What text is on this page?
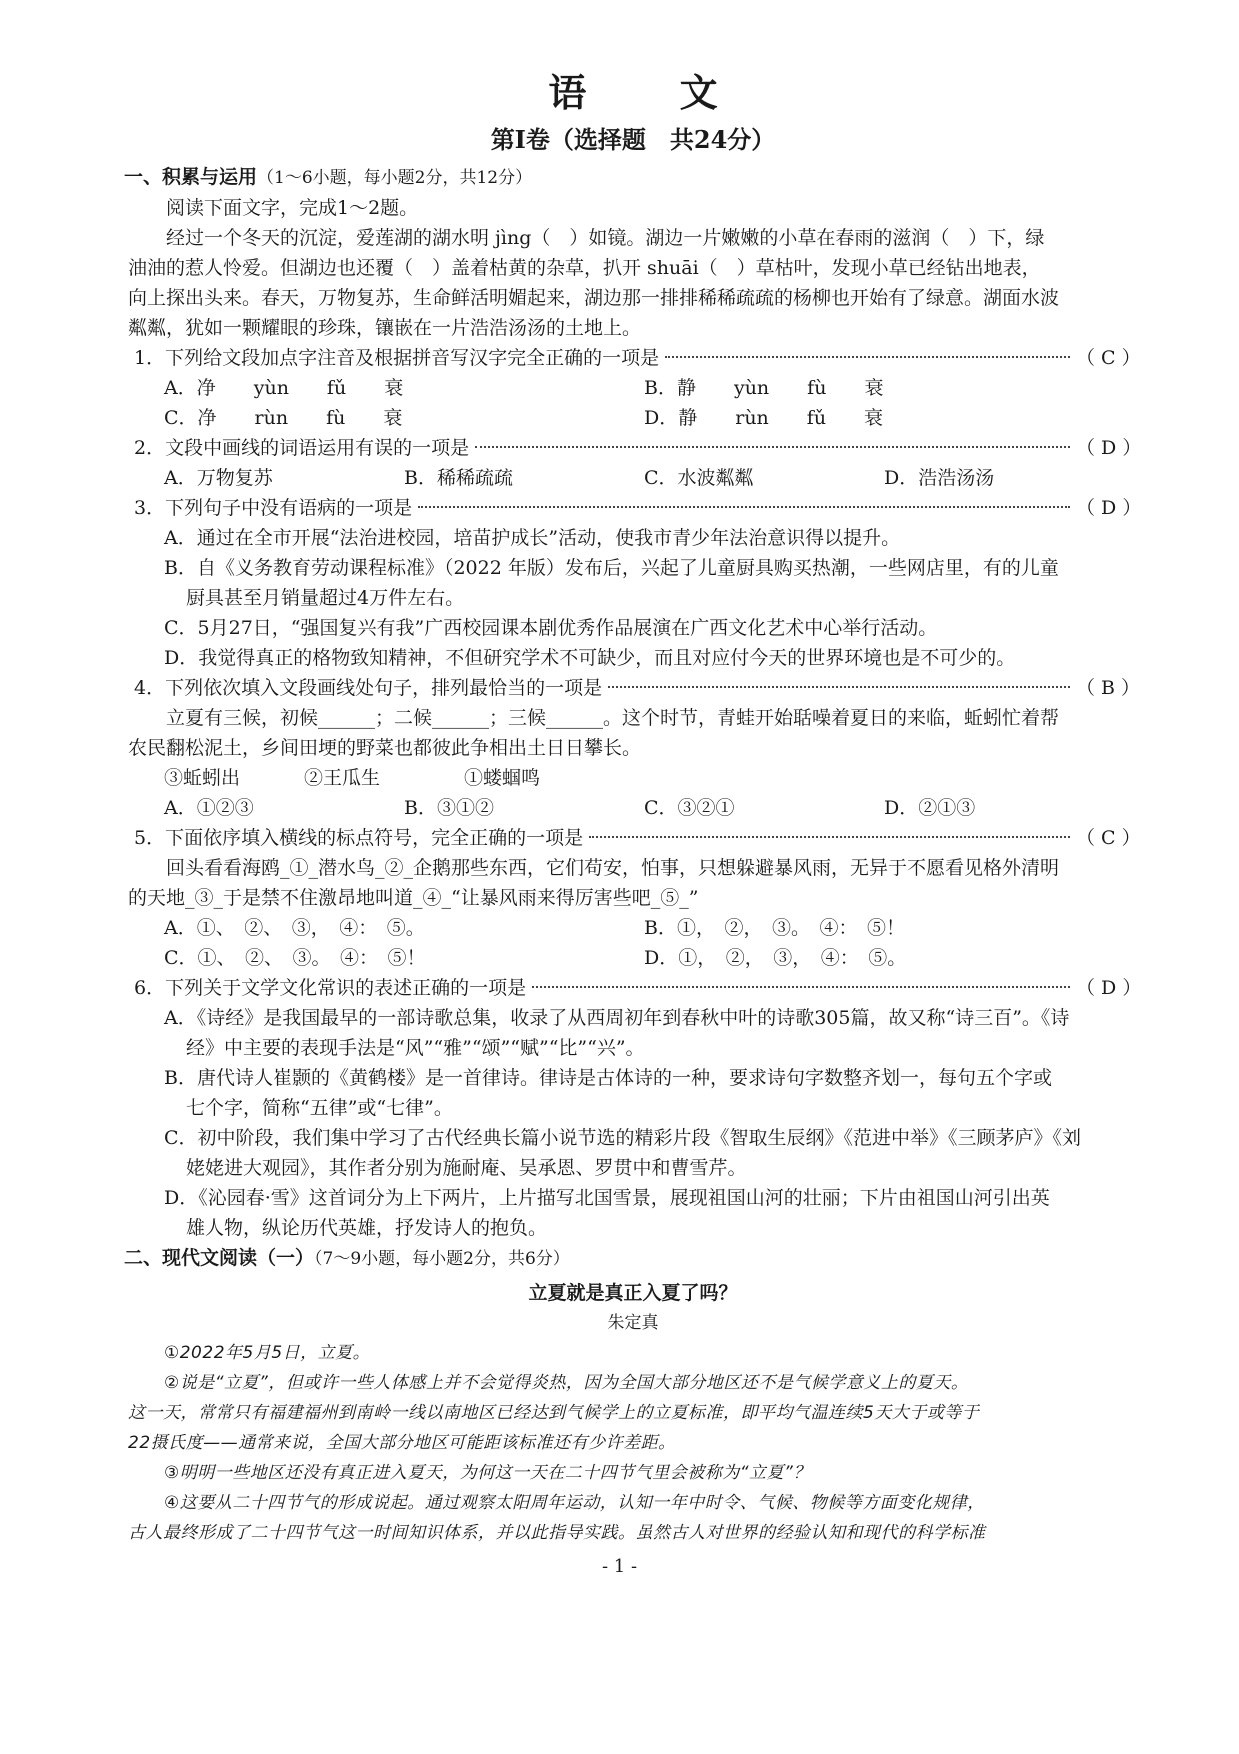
语 文
第Ⅰ卷（选择题　共24分）
一、积累与运用（1～6小题，每小题2分，共12分）

阅读下面文字，完成1～2题。

经过一个冬天的沉淀，爱莲湖的湖水明 jìng（　）如镜。湖边一片嫩嫩的小草在春雨的滋润（　）下，绿

油油的惹人怜爱。但湖边也还覆（　）盖着枯黄的杂草，扒开 shuāi（　）草枯叶，发现小草已经钻出地表，

向上探出头来。春天，万物复苏，生命鲜活明媚起来，湖边那一排排稀稀疏疏的杨柳也开始有了绿意。湖面水波

粼粼，犹如一颗耀眼的珍珠，镶嵌在一片浩浩汤汤的土地上。

1．下列给文段加点字注音及根据拼音写汉字完全正确的一项是	（ C ）
A．净　　yùn　　fǔ　　衰	B．静　　yùn　　fù　　衰
C．净　　rùn　　fù　　衰	D．静　　rùn　　fǔ　　衰
2．文段中画线的词语运用有误的一项是	（ D ）
A．万物复苏	B．稀稀疏疏	C．水波粼粼	D．浩浩汤汤
3．下列句子中没有语病的一项是	（ D ）
A．通过在全市开展“法治进校园，培苗护成长”活动，使我市青少年法治意识得以提升。
B．自《义务教育劳动课程标准》（2022 年版）发布后，兴起了儿童厨具购买热潮，一些网店里，有的儿童
厨具甚至月销量超过4万件左右。
C．5月27日，“强国复兴有我”广西校园课本剧优秀作品展演在广西文化艺术中心举行活动。
D．我觉得真正的格物致知精神，不但研究学术不可缺少，而且对应付今天的世界环境也是不可少的。
4．下列依次填入文段画线处句子，排列最恰当的一项是	（ B ）

立夏有三候，初候______；二候______；三候______。这个时节，青蛙开始聒噪着夏日的来临，蚯蚓忙着帮

农民翻松泥土，乡间田埂的野菜也都彼此争相出土日日攀长。

③蚯蚓出	②王瓜生	①蝼蝈鸣
A．①②③	B．③①②	C．③②①	D．②①③
5．下面依序填入横线的标点符号，完全正确的一项是	（ C ）

回头看看海鸥_①_潜水鸟_②_企鹅那些东西，它们苟安，怕事，只想躲避暴风雨，无异于不愿看见格外清明

的天地_③_于是禁不住激昂地叫道_④_“让暴风雨来得厉害些吧_⑤_”

A．①、　②、　③，　④：　⑤。	B．①，　②，　③。　④：　⑤！
C．①、　②、　③。　④：　⑤！	D．①，　②，　③，　④：　⑤。
6．下列关于文学文化常识的表述正确的一项是	（ D ）
A．《诗经》是我国最早的一部诗歌总集，收录了从西周初年到春秋中叶的诗歌305篇，故又称“诗三百”。《诗
经》中主要的表现手法是“风”“雅”“颂”“赋”“比”“兴”。
B．唐代诗人崔颢的《黄鹤楼》是一首律诗。律诗是古体诗的一种，要求诗句字数整齐划一，每句五个字或
七个字，简称“五律”或“七律”。
C．初中阶段，我们集中学习了古代经典长篇小说节选的精彩片段《智取生辰纲》《范进中举》《三顾茅庐》《刘
姥姥进大观园》，其作者分别为施耐庵、吴承恩、罗贯中和曹雪芹。
D．《沁园春·雪》这首词分为上下两片，上片描写北国雪景，展现祖国山河的壮丽；下片由祖国山河引出英
雄人物，纵论历代英雄，抒发诗人的抱负。
二、现代文阅读（一）（7～9小题，每小题2分，共6分）
立夏就是真正入夏了吗？
朱定真
①2022年5月5日，立夏。
②说是“立夏”，但或许一些人体感上并不会觉得炎热，因为全国大部分地区还不是气候学意义上的夏天。
这一天，常常只有福建福州到南岭一线以南地区已经达到气候学上的立夏标准，即平均气温连续5天大于或等于
22摄氏度——通常来说，全国大部分地区可能距该标准还有少许差距。
③明明一些地区还没有真正进入夏天，为何这一天在二十四节气里会被称为“立夏”？
④这要从二十四节气的形成说起。通过观察太阳周年运动，认知一年中时令、气候、物候等方面变化规律，
古人最终形成了二十四节气这一时间知识体系，并以此指导实践。虽然古人对世界的经验认知和现代的科学标准
- 1 -
